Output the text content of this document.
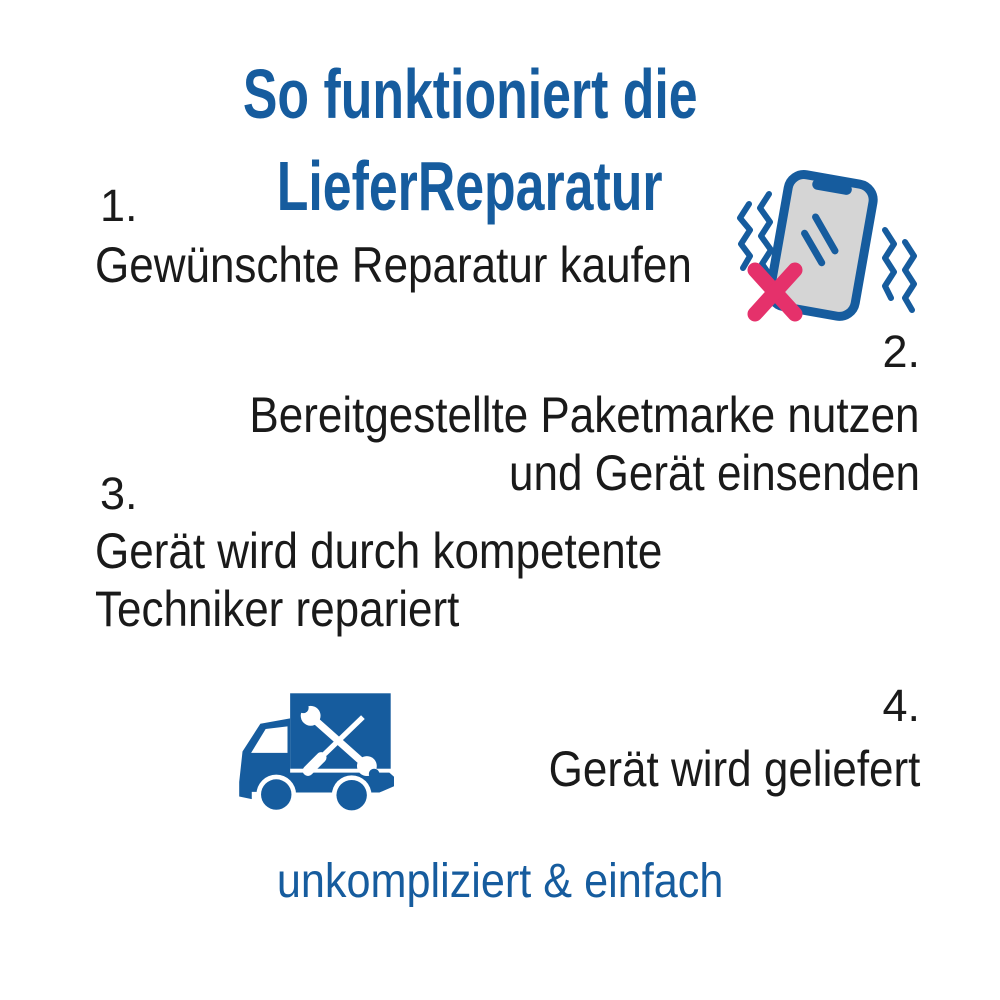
So funktioniert die
LieferReparatur
1.
Gewünschte Reparatur kaufen
2.
Bereitgestellte Paketmarke nutzen
und Gerät einsenden
3.
Gerät wird durch kompetente
Techniker repariert
4.
Gerät wird geliefert
unkompliziert & einfach
